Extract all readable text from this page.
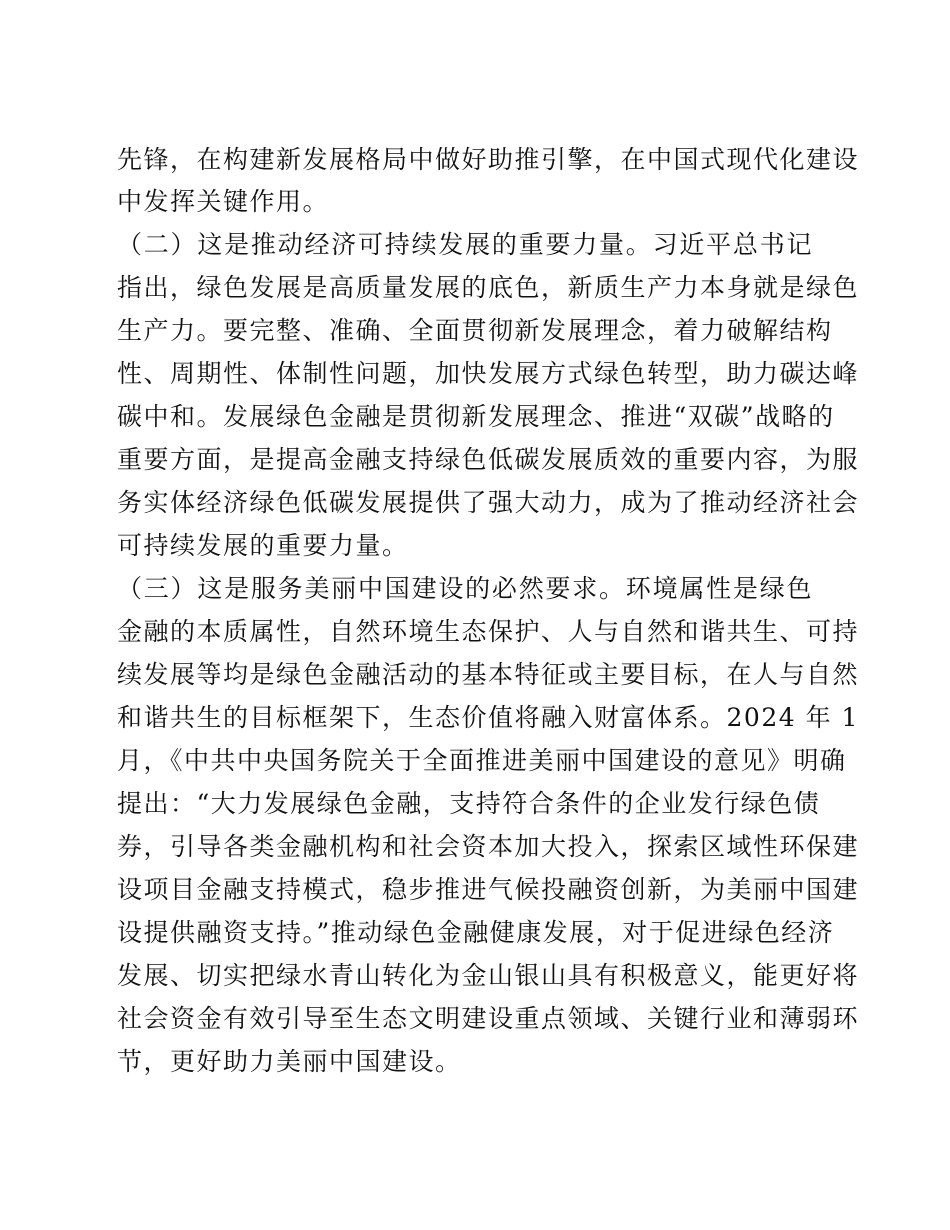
先锋，在构建新发展格局中做好助推引擎，在中国式现代化建设
中发挥关键作用。
（二）这是推动经济可持续发展的重要力量。习近平总书记
指出，绿色发展是高质量发展的底色，新质生产力本身就是绿色
生产力。要完整、准确、全面贯彻新发展理念，着力破解结构
性、周期性、体制性问题，加快发展方式绿色转型，助力碳达峰
碳中和。发展绿色金融是贯彻新发展理念、推进“双碳”战略的
重要方面，是提高金融支持绿色低碳发展质效的重要内容，为服
务实体经济绿色低碳发展提供了强大动力，成为了推动经济社会
可持续发展的重要力量。
（三）这是服务美丽中国建设的必然要求。环境属性是绿色
金融的本质属性，自然环境生态保护、人与自然和谐共生、可持
续发展等均是绿色金融活动的基本特征或主要目标，在人与自然
和谐共生的目标框架下，生态价值将融入财富体系。2024 年 1
月，《中共中央国务院关于全面推进美丽中国建设的意见》明确
提出：“大力发展绿色金融，支持符合条件的企业发行绿色债
券，引导各类金融机构和社会资本加大投入，探索区域性环保建
设项目金融支持模式，稳步推进气候投融资创新，为美丽中国建
设提供融资支持。”推动绿色金融健康发展，对于促进绿色经济
发展、切实把绿水青山转化为金山银山具有积极意义，能更好将
社会资金有效引导至生态文明建设重点领域、关键行业和薄弱环
节，更好助力美丽中国建设。
